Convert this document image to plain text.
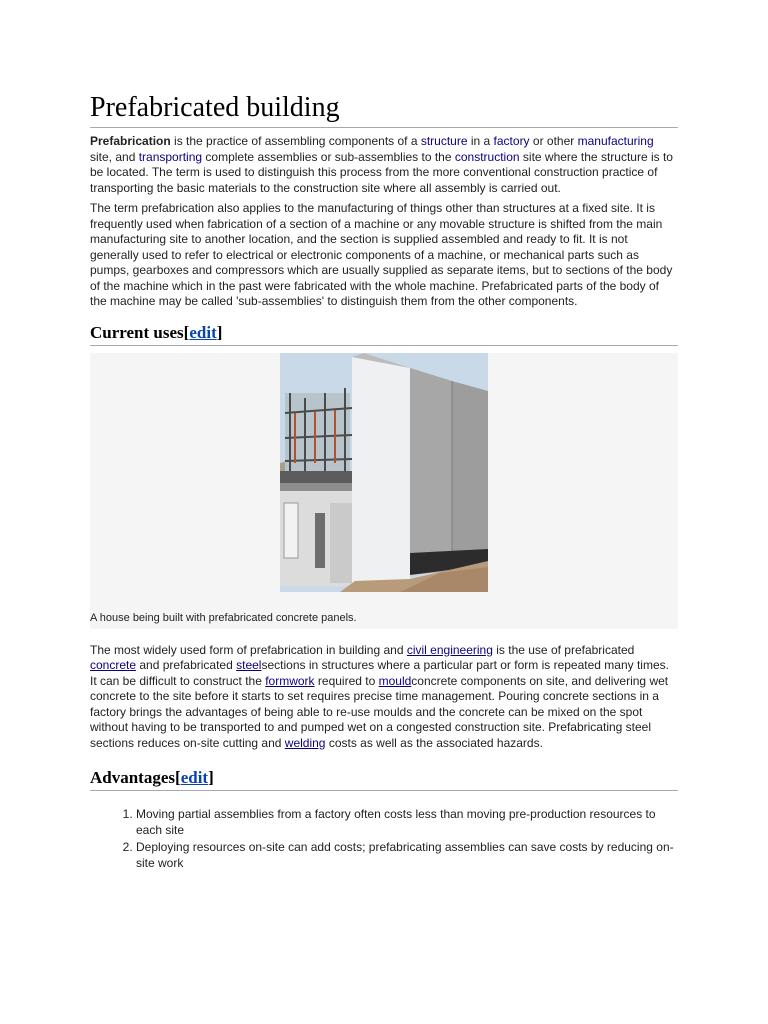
Prefabricated building

Prefabrication is the practice of assembling components of a structure in a factory or other manufacturing site, and transporting complete assemblies or sub-assemblies to the construction site where the structure is to be located. The term is used to distinguish this process from the more conventional construction practice of transporting the basic materials to the construction site where all assembly is carried out.

The term prefabrication also applies to the manufacturing of things other than structures at a fixed site. It is frequently used when fabrication of a section of a machine or any movable structure is shifted from the main manufacturing site to another location, and the section is supplied assembled and ready to fit. It is not generally used to refer to electrical or electronic components of a machine, or mechanical parts such as pumps, gearboxes and compressors which are usually supplied as separate items, but to sections of the body of the machine which in the past were fabricated with the whole machine. Prefabricated parts of the body of the machine may be called 'sub-assemblies' to distinguish them from the other components.

Current uses[edit]
A house being built with prefabricated concrete panels.

The most widely used form of prefabrication in building and civil engineering is the use of prefabricated concrete and prefabricated steelsections in structures where a particular part or form is repeated many times. It can be difficult to construct the formwork required to mouldconcrete components on site, and delivering wet concrete to the site before it starts to set requires precise time management. Pouring concrete sections in a factory brings the advantages of being able to re-use moulds and the concrete can be mixed on the spot without having to be transported to and pumped wet on a congested construction site. Prefabricating steel sections reduces on-site cutting and welding costs as well as the associated hazards.

Advantages[edit]
1. Moving partial assemblies from a factory often costs less than moving pre-production resources to each site
2. Deploying resources on-site can add costs; prefabricating assemblies can save costs by reducing on-site work
